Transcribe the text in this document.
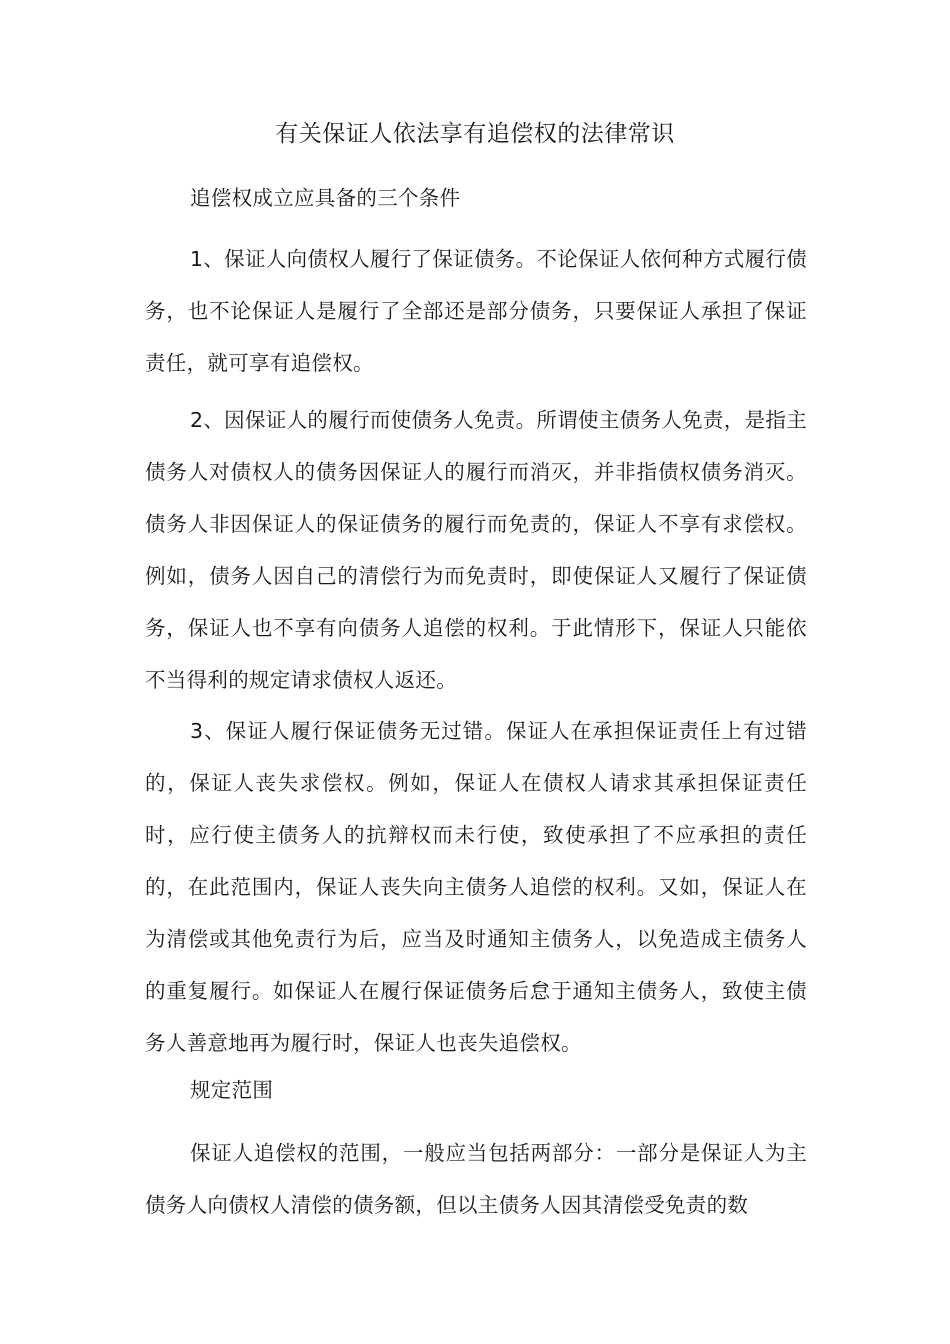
有关保证人依法享有追偿权的法律常识
追偿权成立应具备的三个条件
1、保证人向债权人履行了保证债务。不论保证人依何种方式履行债务，也不论保证人是履行了全部还是部分债务，只要保证人承担了保证责任，就可享有追偿权。
2、因保证人的履行而使债务人免责。所谓使主债务人免责，是指主债务人对债权人的债务因保证人的履行而消灭，并非指债权债务消灭。债务人非因保证人的保证债务的履行而免责的，保证人不享有求偿权。例如，债务人因自己的清偿行为而免责时，即使保证人又履行了保证债务，保证人也不享有向债务人追偿的权利。于此情形下，保证人只能依不当得利的规定请求债权人返还。
3、保证人履行保证债务无过错。保证人在承担保证责任上有过错的，保证人丧失求偿权。例如，保证人在债权人请求其承担保证责任时，应行使主债务人的抗辩权而未行使，致使承担了不应承担的责任的，在此范围内，保证人丧失向主债务人追偿的权利。又如，保证人在为清偿或其他免责行为后，应当及时通知主债务人，以免造成主债务人的重复履行。如保证人在履行保证债务后怠于通知主债务人，致使主债务人善意地再为履行时，保证人也丧失追偿权。
规定范围
保证人追偿权的范围，一般应当包括两部分：一部分是保证人为主债务人向债权人清偿的债务额，但以主债务人因其清偿受免责的数
